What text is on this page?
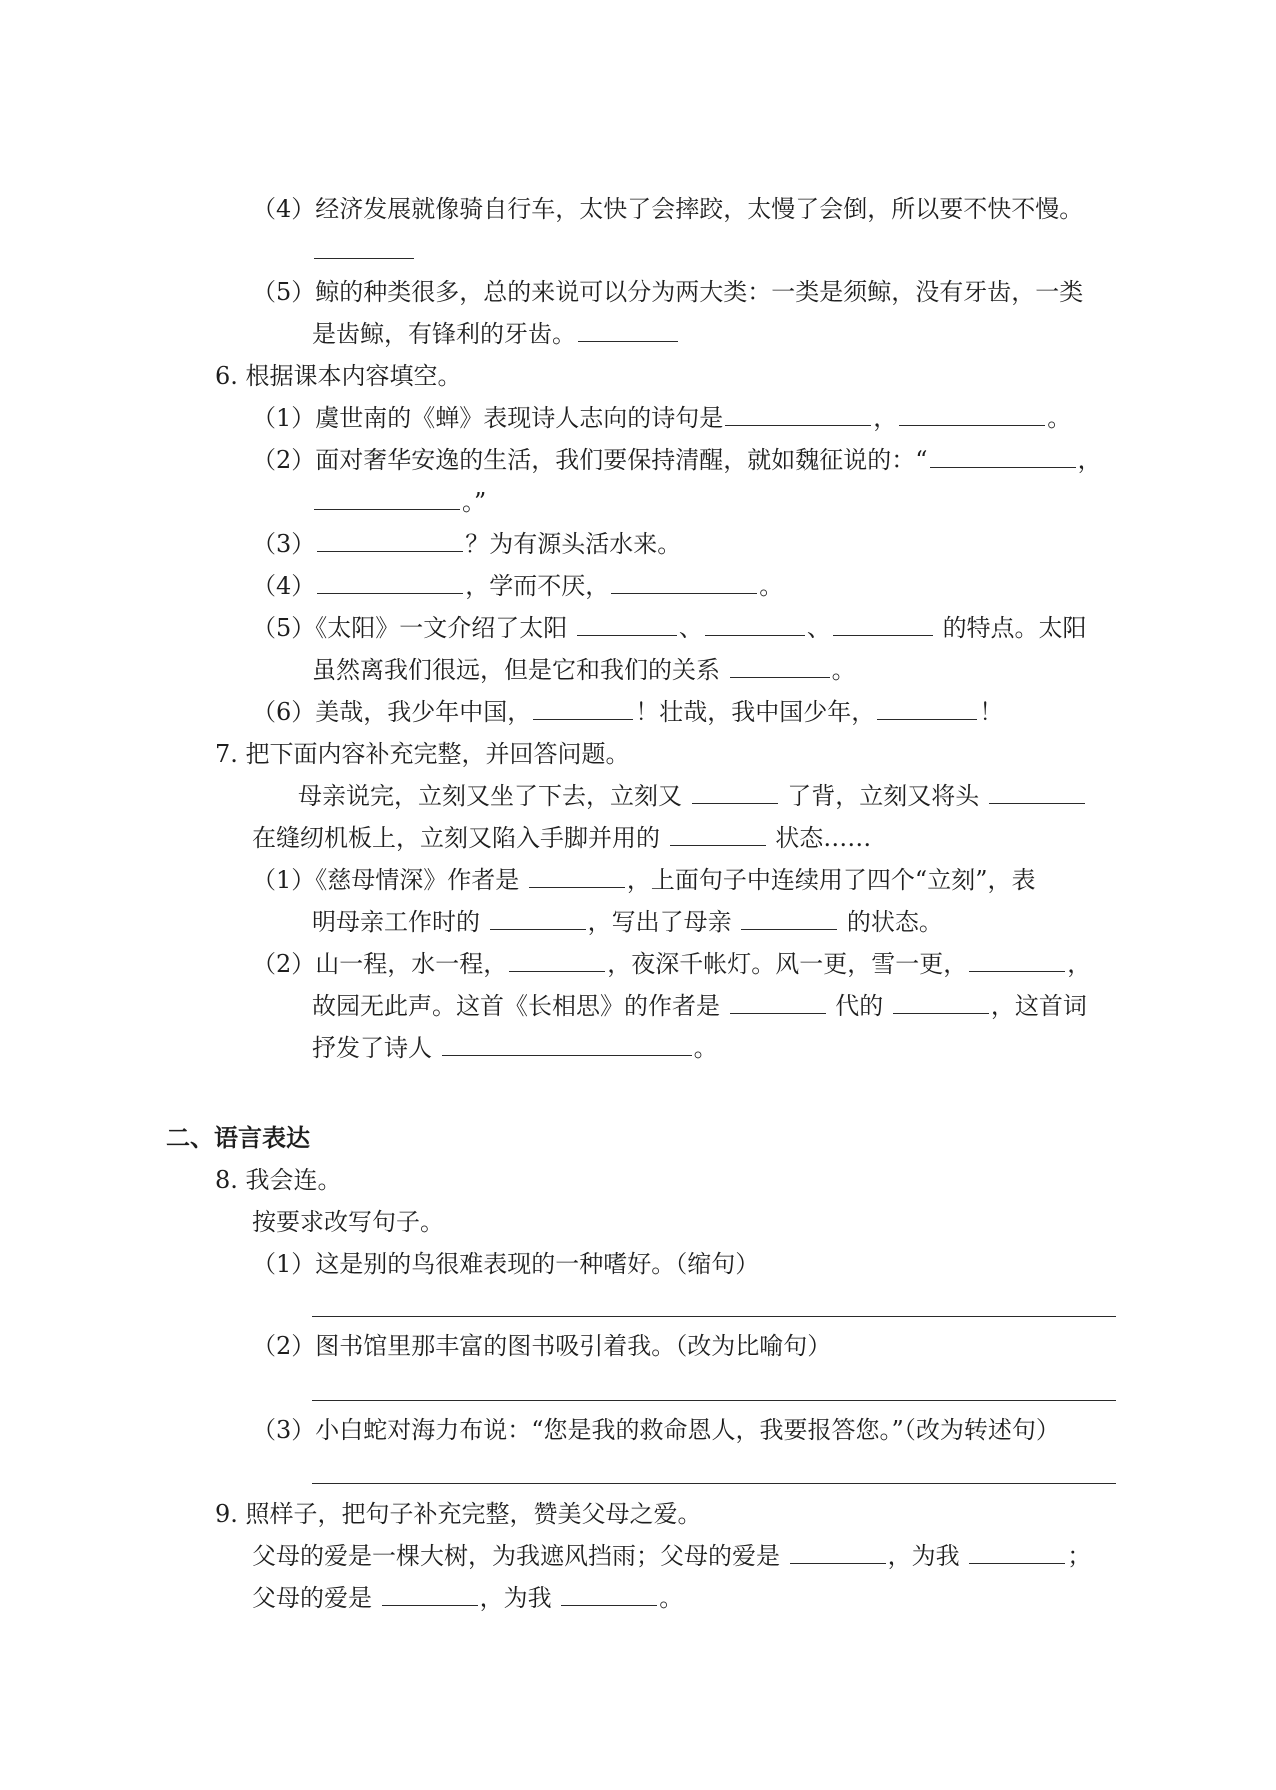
（4）经济发展就像骑自行车，太快了会摔跤，太慢了会倒，所以要不快不慢。
（5）鲸的种类很多，总的来说可以分为两大类：一类是须鲸，没有牙齿，一类
是齿鲸，有锋利的牙齿。
6. 根据课本内容填空。
（1）虞世南的《蝉》表现诗人志向的诗句是	，	。
（2）面对奢华安逸的生活，我们要保持清醒，就如魏征说的：“	，
。”
（3）	？为有源头活水来。
（4）	，学而不厌，	。
（5）《太阳》一文介绍了太阳	、	、	的特点。太阳
虽然离我们很远，但是它和我们的关系	。
（6）美哉，我少年中国，	！壮哉，我中国少年，	！
7. 把下面内容补充完整，并回答问题。
母亲说完，立刻又坐了下去，立刻又	了背，立刻又将头
在缝纫机板上，立刻又陷入手脚并用的	状态……
（1）《慈母情深》作者是	，上面句子中连续用了四个“立刻”，表
明母亲工作时的	，写出了母亲	的状态。
（2）山一程，水一程，	，夜深千帐灯。风一更，雪一更，	，
故园无此声。这首《长相思》的作者是	代的	，这首词
抒发了诗人	。
二、语言表达
8. 我会连。
按要求改写句子。
（1）这是别的鸟很难表现的一种嗜好。（缩句）
（2）图书馆里那丰富的图书吸引着我。（改为比喻句）
（3）小白蛇对海力布说：“您是我的救命恩人，我要报答您。”（改为转述句）
9. 照样子，把句子补充完整，赞美父母之爱。
父母的爱是一棵大树，为我遮风挡雨；父母的爱是	，为我	；
父母的爱是	，为我	。
